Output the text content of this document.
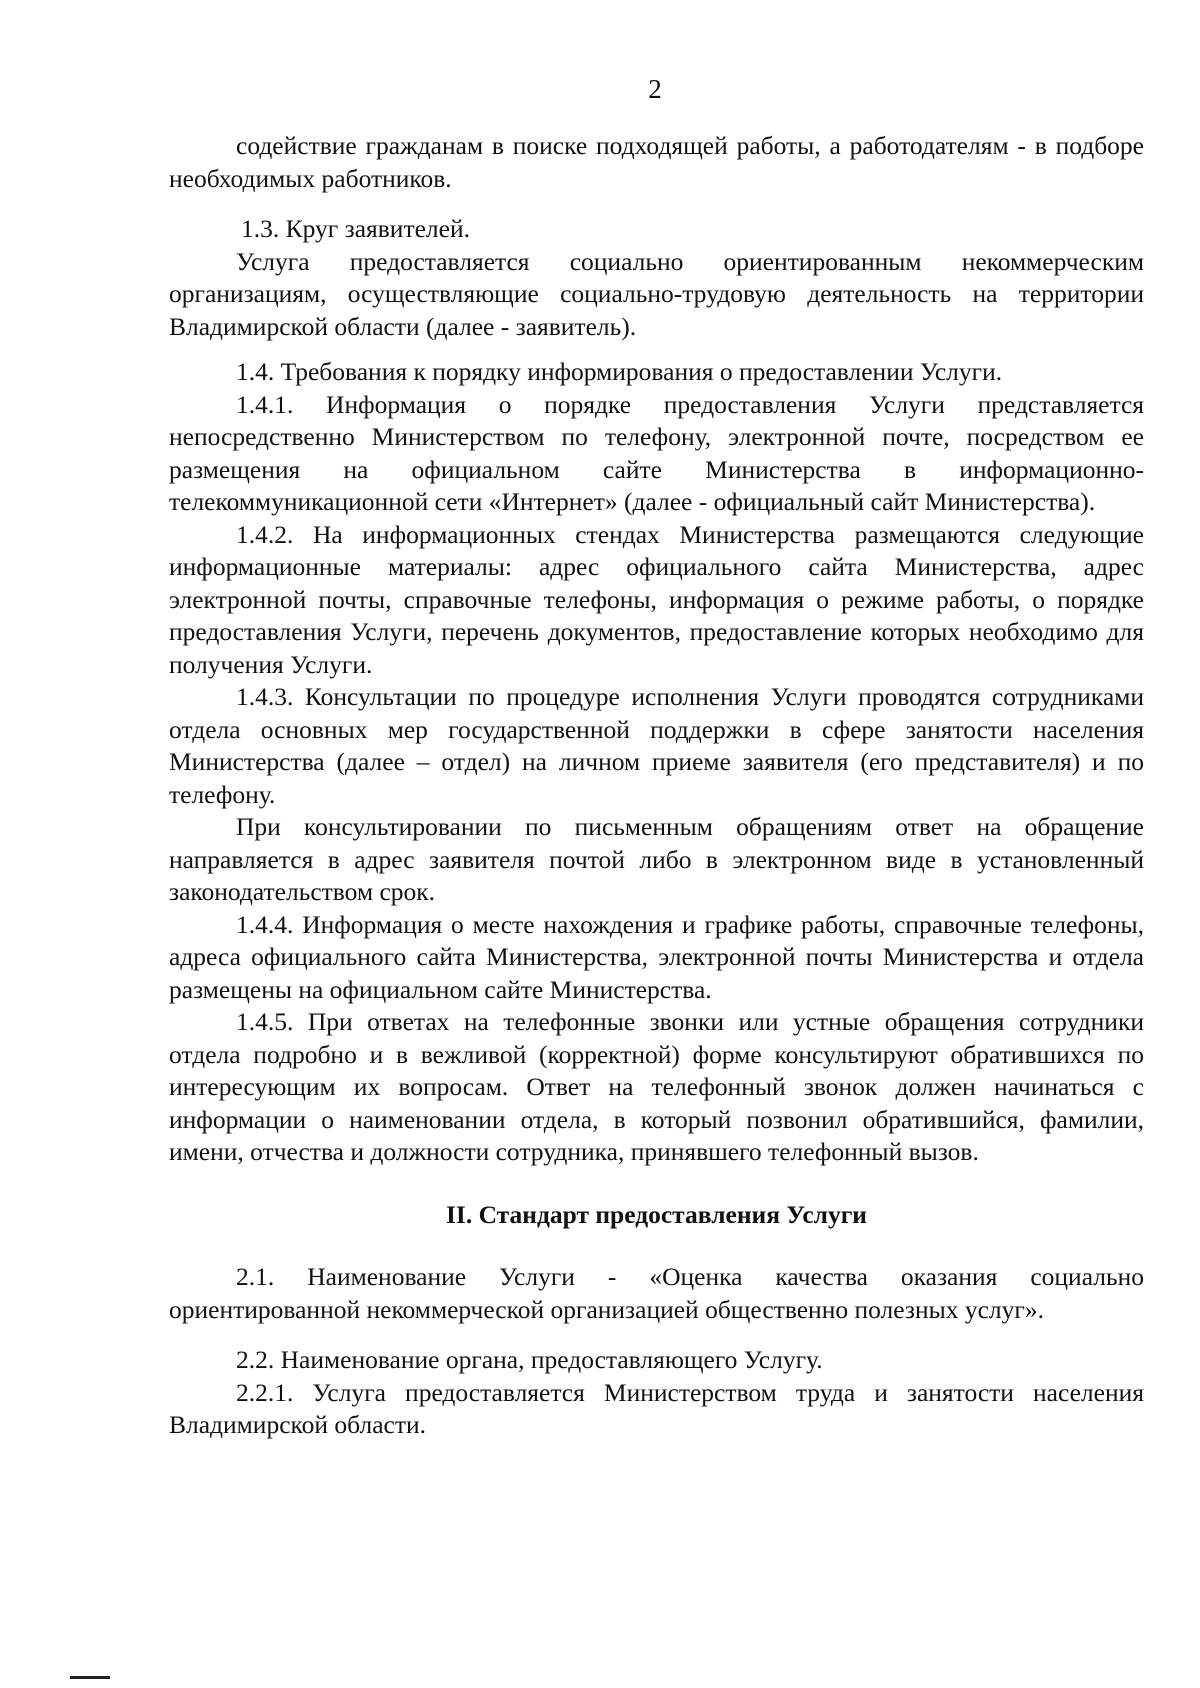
2

содействие гражданам в поиске подходящей работы, а работодателям - в подборе необходимых работников.

1.3. Круг заявителей.

Услуга предоставляется социально ориентированным некоммерческим организациям, осуществляющие социально-трудовую деятельность на территории Владимирской области (далее - заявитель).

1.4. Требования к порядку информирования о предоставлении Услуги.

1.4.1. Информация о порядке предоставления Услуги представляется непосредственно Министерством по телефону, электронной почте, посредством ее размещения на официальном сайте Министерства в информационно-телекоммуникационной сети «Интернет» (далее - официальный сайт Министерства).

1.4.2. На информационных стендах Министерства размещаются следующие информационные материалы: адрес официального сайта Министерства, адрес электронной почты, справочные телефоны, информация о режиме работы, о порядке предоставления Услуги, перечень документов, предоставление которых необходимо для получения Услуги.

1.4.3. Консультации по процедуре исполнения Услуги проводятся сотрудниками отдела основных мер государственной поддержки в сфере занятости населения Министерства (далее – отдел) на личном приеме заявителя (его представителя) и по телефону.

При консультировании по письменным обращениям ответ на обращение направляется в адрес заявителя почтой либо в электронном виде в установленный законодательством срок.

1.4.4. Информация о месте нахождения и графике работы, справочные телефоны, адреса официального сайта Министерства, электронной почты Министерства и отдела размещены на официальном сайте Министерства.

1.4.5. При ответах на телефонные звонки или устные обращения сотрудники отдела подробно и в вежливой (корректной) форме консультируют обратившихся по интересующим их вопросам. Ответ на телефонный звонок должен начинаться с информации о наименовании отдела, в который позвонил обратившийся, фамилии, имени, отчества и должности сотрудника, принявшего телефонный вызов.

II. Стандарт предоставления Услуги

2.1. Наименование Услуги - «Оценка качества оказания социально ориентированной некоммерческой организацией общественно полезных услуг».

2.2. Наименование органа, предоставляющего Услугу.

2.2.1. Услуга предоставляется Министерством труда и занятости населения Владимирской области.
